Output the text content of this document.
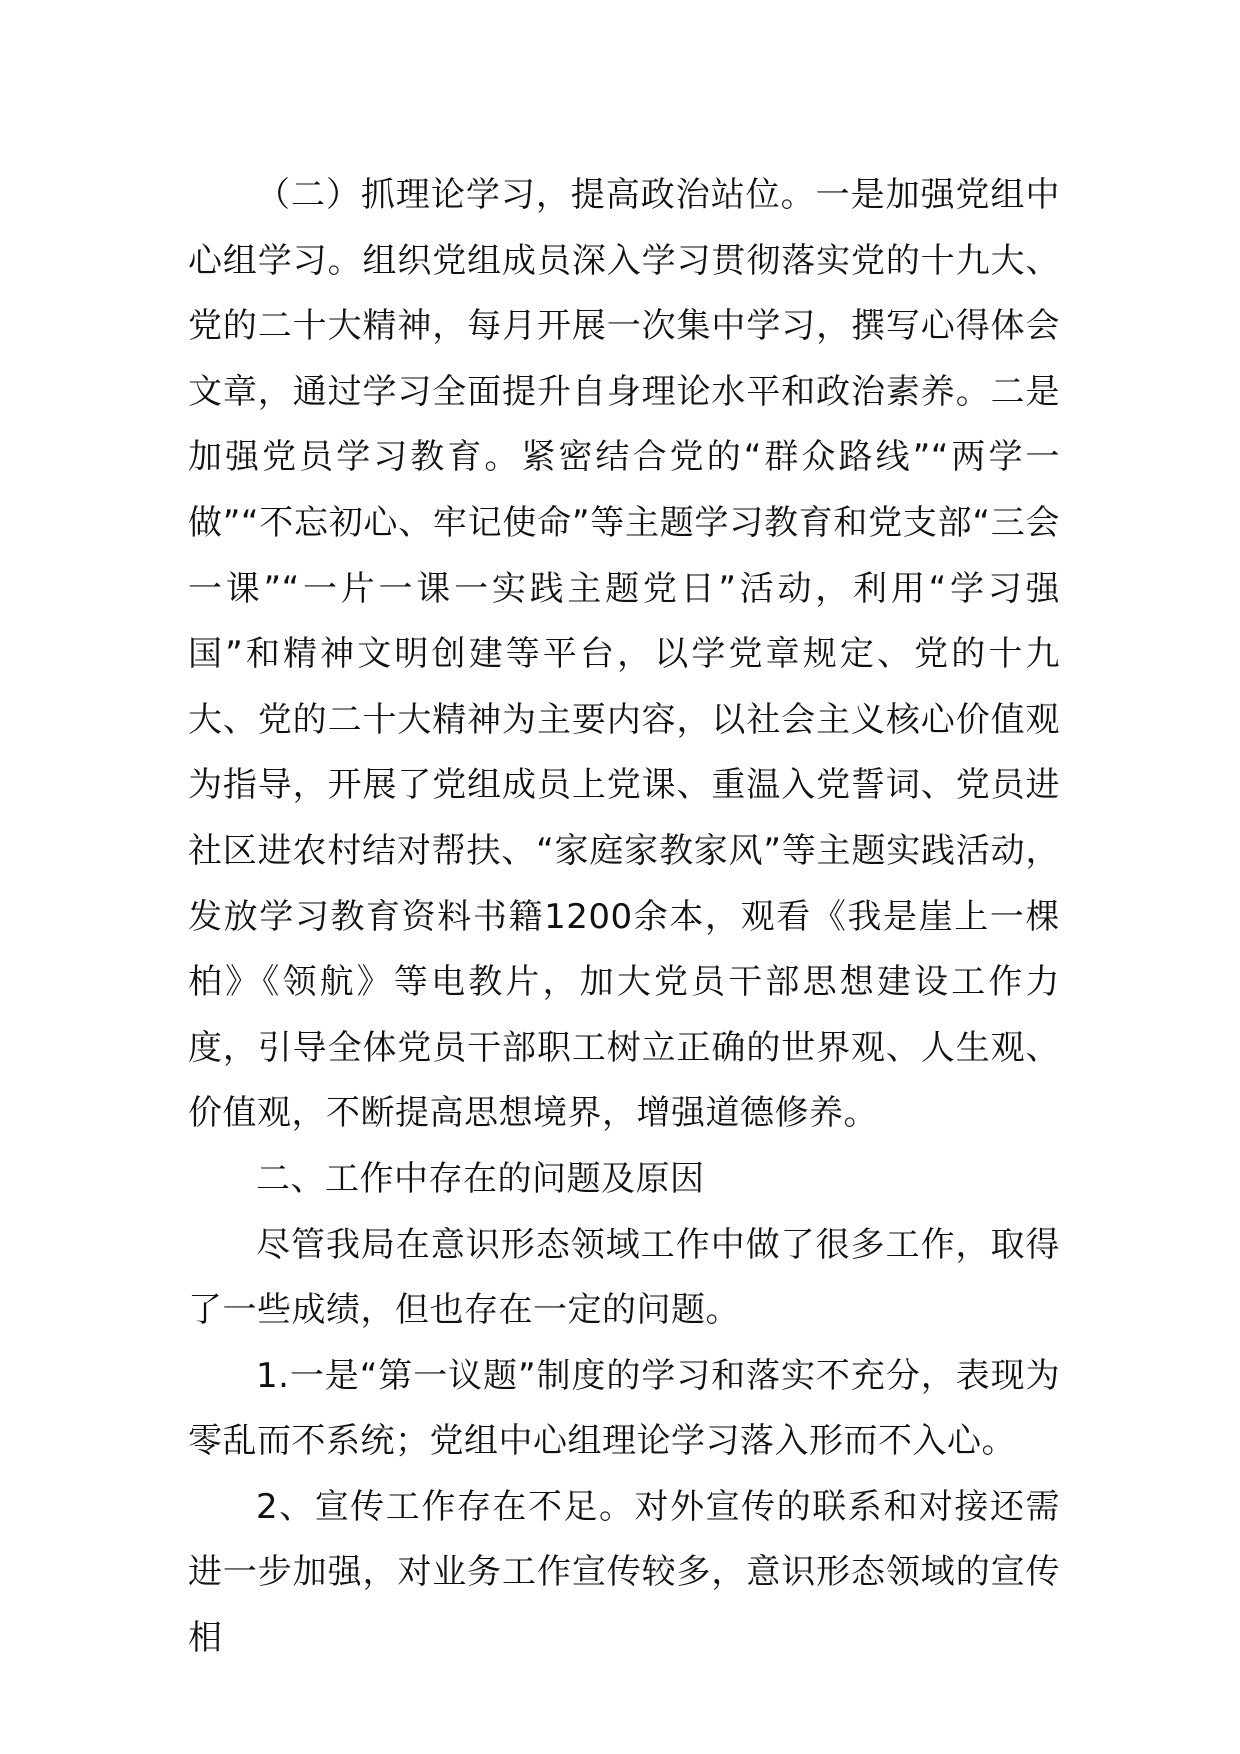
（二）抓理论学习，提高政治站位。一是加强党组中心组学习。组织党组成员深入学习贯彻落实党的十九大、党的二十大精神，每月开展一次集中学习，撰写心得体会文章，通过学习全面提升自身理论水平和政治素养。二是加强党员学习教育。紧密结合党的“群众路线”“两学一做”“不忘初心、牢记使命”等主题学习教育和党支部“三会一课”“一片一课一实践主题党日”活动，利用“学习强国”和精神文明创建等平台，以学党章规定、党的十九大、党的二十大精神为主要内容，以社会主义核心价值观为指导，开展了党组成员上党课、重温入党誓词、党员进社区进农村结对帮扶、“家庭家教家风”等主题实践活动，发放学习教育资料书籍1200余本，观看《我是崖上一棵柏》《领航》等电教片，加大党员干部思想建设工作力度，引导全体党员干部职工树立正确的世界观、人生观、价值观，不断提高思想境界，增强道德修养。

二、工作中存在的问题及原因

尽管我局在意识形态领域工作中做了很多工作，取得了一些成绩，但也存在一定的问题。

1.一是“第一议题”制度的学习和落实不充分，表现为零乱而不系统；党组中心组理论学习落入形而不入心。

2、宣传工作存在不足。对外宣传的联系和对接还需进一步加强，对业务工作宣传较多，意识形态领域的宣传相
